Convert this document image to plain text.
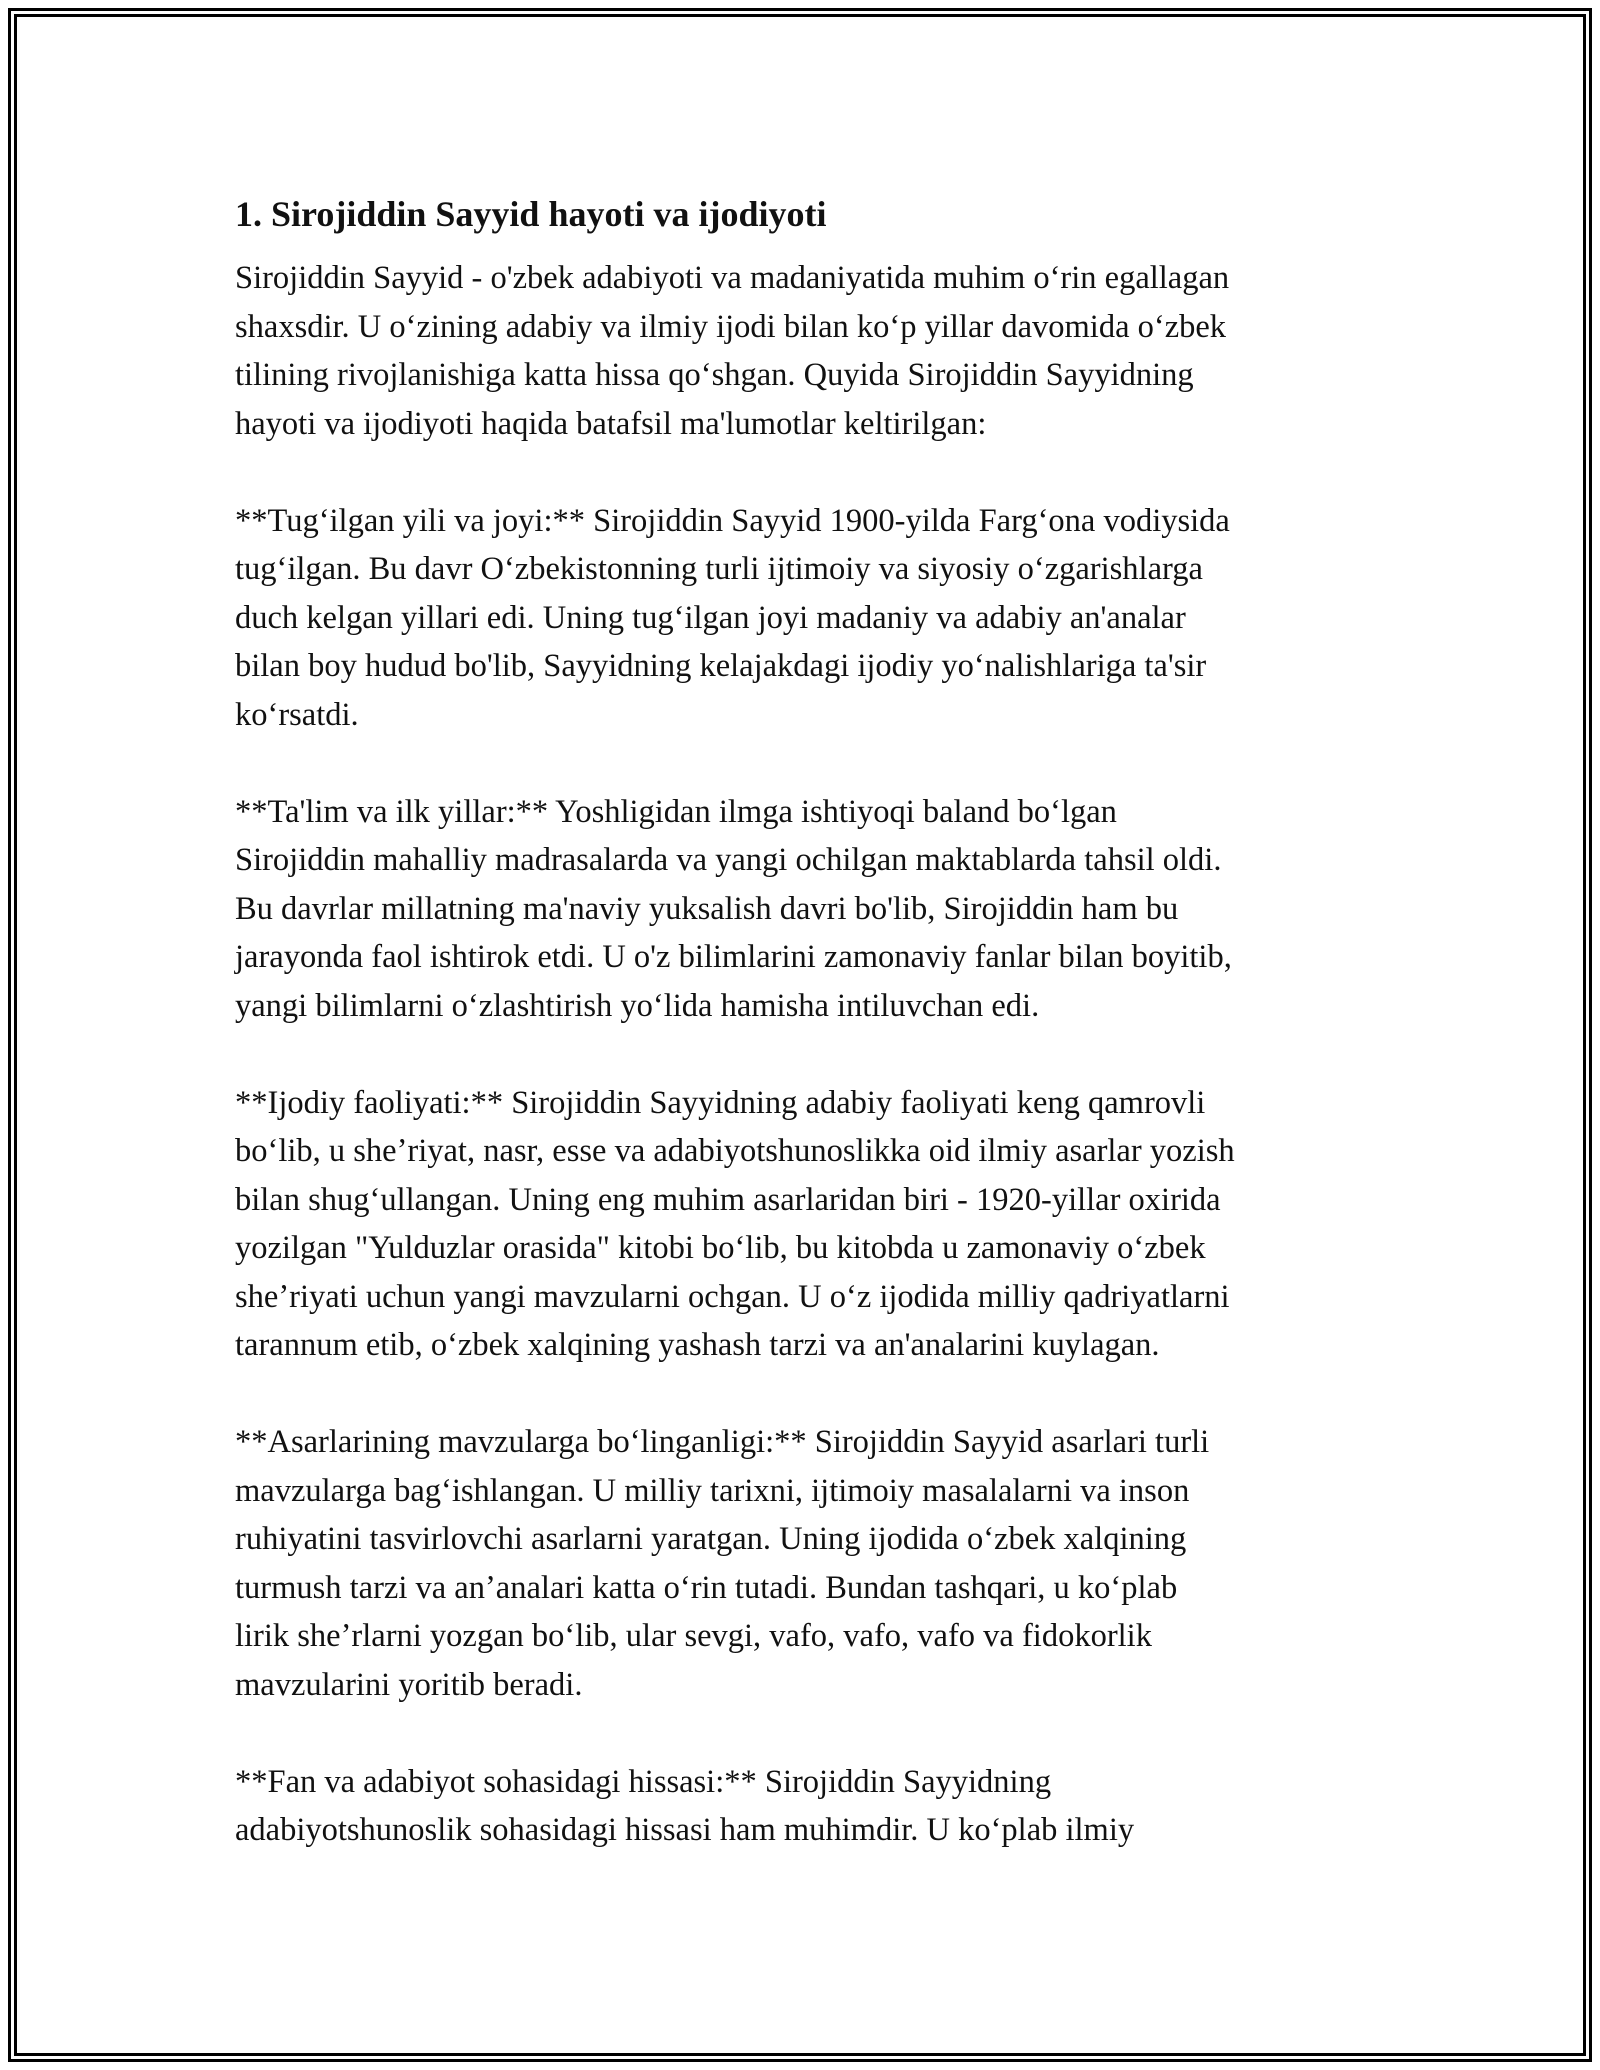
1. Sirojiddin Sayyid hayoti va ijodiyoti

Sirojiddin Sayyid - o'zbek adabiyoti va madaniyatida muhim oʻrin egallagan
shaxsdir. U oʻzining adabiy va ilmiy ijodi bilan koʻp yillar davomida oʻzbek
tilining rivojlanishiga katta hissa qoʻshgan. Quyida Sirojiddin Sayyidning
hayoti va ijodiyoti haqida batafsil ma'lumotlar keltirilgan:

**Tugʻilgan yili va joyi:** Sirojiddin Sayyid 1900-yilda Fargʻona vodiysida
tugʻilgan. Bu davr Oʻzbekistonning turli ijtimoiy va siyosiy oʻzgarishlarga
duch kelgan yillari edi. Uning tugʻilgan joyi madaniy va adabiy an'analar
bilan boy hudud bo'lib, Sayyidning kelajakdagi ijodiy yoʻnalishlariga ta'sir
koʻrsatdi.

**Ta'lim va ilk yillar:** Yoshligidan ilmga ishtiyoqi baland boʻlgan
Sirojiddin mahalliy madrasalarda va yangi ochilgan maktablarda tahsil oldi.
Bu davrlar millatning ma'naviy yuksalish davri bo'lib, Sirojiddin ham bu
jarayonda faol ishtirok etdi. U o'z bilimlarini zamonaviy fanlar bilan boyitib,
yangi bilimlarni oʻzlashtirish yoʻlida hamisha intiluvchan edi.

**Ijodiy faoliyati:** Sirojiddin Sayyidning adabiy faoliyati keng qamrovli
boʻlib, u sheʼriyat, nasr, esse va adabiyotshunoslikka oid ilmiy asarlar yozish
bilan shugʻullangan. Uning eng muhim asarlaridan biri - 1920-yillar oxirida
yozilgan "Yulduzlar orasida" kitobi boʻlib, bu kitobda u zamonaviy oʻzbek
sheʼriyati uchun yangi mavzularni ochgan. U oʻz ijodida milliy qadriyatlarni
tarannum etib, oʻzbek xalqining yashash tarzi va an'analarini kuylagan.

**Asarlarining mavzularga boʻlinganligi:** Sirojiddin Sayyid asarlari turli
mavzularga bagʻishlangan. U milliy tarixni, ijtimoiy masalalarni va inson
ruhiyatini tasvirlovchi asarlarni yaratgan. Uning ijodida oʻzbek xalqining
turmush tarzi va anʼanalari katta oʻrin tutadi. Bundan tashqari, u koʻplab
lirik sheʼrlarni yozgan boʻlib, ular sevgi, vafo, vafo, vafo va fidokorlik
mavzularini yoritib beradi.

**Fan va adabiyot sohasidagi hissasi:** Sirojiddin Sayyidning
adabiyotshunoslik sohasidagi hissasi ham muhimdir. U koʻplab ilmiy
